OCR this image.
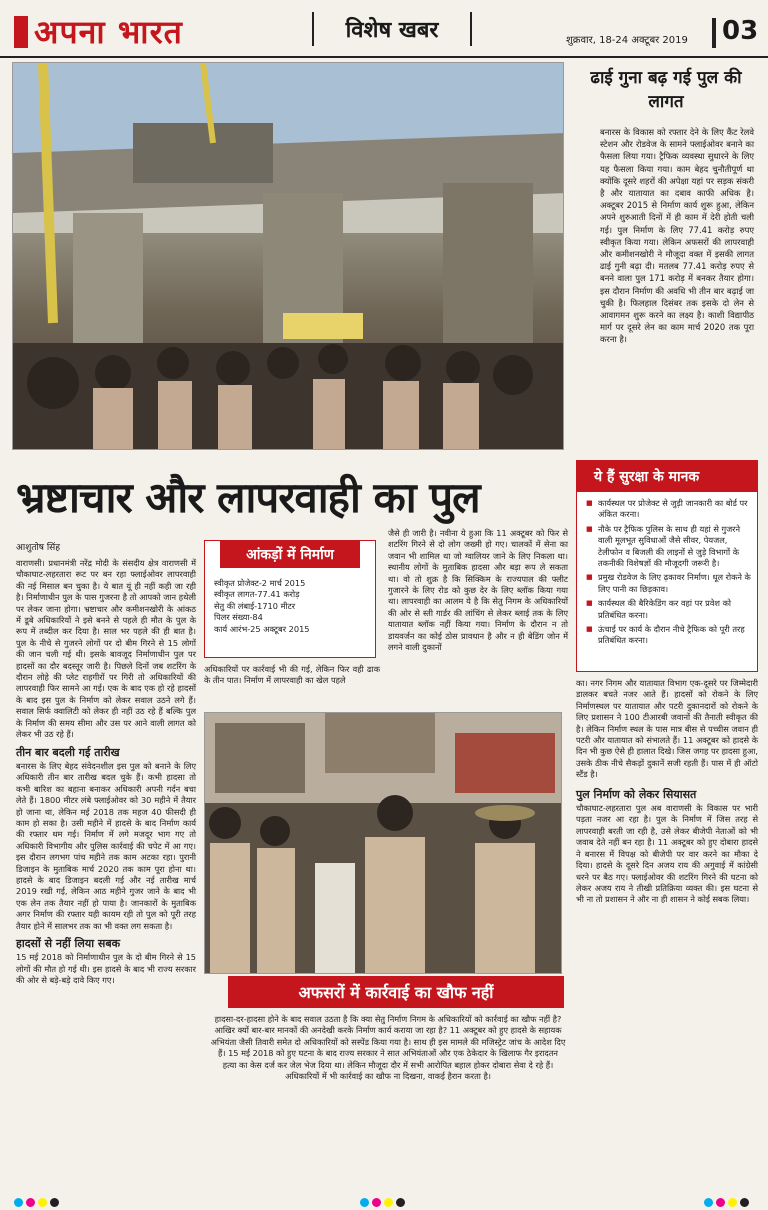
अपना भारत	विशेष खबर	शुक्रवार, 18-24 अक्टूबर 2019 03
ढाई गुना बढ़ गई पुल की लागत
बनारस के विकास को रफ्तार देने के लिए कैंट रेलवे स्टेशन और रोडवेज के सामने फ्लाईओवर बनाने का फैसला लिया गया। ट्रैफिक व्यवस्था सुधारने के लिए यह फैसला किया गया। काम बेहद चुनौतीपूर्ण था क्योंकि दूसरे शहरों की अपेक्षा यहां पर सड़क संकरी है और यातायात का दबाव काफी अधिक है। अक्टूबर 2015 से निर्माण कार्य शुरू हुआ, लेकिन अपने शुरुआती दिनों में ही काम में देरी होती चली गई। पुल निर्माण के लिए 77.41 करोड़ रुपए स्वीकृत किया गया। लेकिन अफसरों की लापरवाही और कमीशनखोरी ने मौजूदा वक्त में इसकी लागत ढाई गुनी बढ़ा दी। मतलब 77.41 करोड़ रुपए से बनने वाला पुल 171 करोड़ में बनकर तैयार होगा। इस दौरान निर्माण की अवधि भी तीन बार बढ़ाई जा चुकी है। फिलहाल दिसंबर तक इसके दो लेन से आवागमन शुरू करने का लक्ष्य है। काशी विद्यापीठ मार्ग पर दूसरे लेन का काम मार्च 2020 तक पूरा करना है।
ये हैं सुरक्षा के मानक
■ कार्यस्थल पर प्रोजेक्ट से जुड़ी जानकारी का बोर्ड पर अंकित करना।
■ नौके पर ट्रैफिक पुलिस के साथ ही यहां से गुजरने वाली मूलभूत सुविधाओं जैसे सीवर, पेयजल, टेलीफोन व बिजली की लाइनों से जुड़े विभागों के तकनीकी विशेषज्ञों की मौजूदगी जरूरी है।
■ प्रमुख रोडवेज के लिए ढ़कावर निर्माण। धूल रोकने के लिए पानी का छिड़काव।
■ कार्यस्थल की बैरिकेडिंग कर वहां पर प्रवेश को प्रतिबंधित करना।
■ ऊंचाई पर कार्य के दौरान नीचे ट्रैफिक को पूरी तरह प्रतिबंधित करना।
भ्रष्टाचार और लापरवाही का पुल
आशुतोष सिंह

वाराणसी। प्रधानमंत्री नरेंद्र मोदी के संसदीय क्षेत्र वाराणसी में चौकाघाट-लहरतारा रूट पर बन रहा फ्लाईओवर लापरवाही की नई मिसाल बन चुका है। ये बात यूं ही नहीं कही जा रही है। निर्माणाधीन पुल के पास गुजरना है तो आपको जान हथेली पर लेकर जाना होगा। भ्रष्टाचार और कमीशनखोरी के आंकठ में डूबे अधिकारियों ने इसे बनने से पहले ही मौत के पुल के रूप में तब्दील कर दिया है। साल भर पहले की ही बात है। पुल के नीचे से गुजरने लोगों पर दो बीम गिरने से 15 लोगों की जान चली गई थी। इसके बावजूद निर्माणाधीन पुल पर हादसों का दौर बदस्तूर जारी है। पिछले दिनों जब शटरिंग के दौरान लोहे की प्लेट राहगीरों पर गिरी तो अधिकारियों की लापरवाही फिर सामने आ गई। एक के बाद एक हो रहे हादसों के बाद इस पुल के निर्माण को लेकर सवाल उठने लगे हैं। सवाल सिर्फ क्वालिटी को लेकर ही नहीं उठ रहे हैं बल्कि पुल के निर्माण की समय सीमा और उस पर आने वाली लागत को लेकर भी उठ रहे हैं।

तीन बार बदली गई तारीख

बनारस के लिए बेहद संवेदनशील इस पुल को बनाने के लिए अधिकारी तीन बार तारीख बदल चुके हैं। कभी हादसा तो कभी बारिश का बहाना बनाकर अधिकारी अपनी गर्दन बचा लेते हैं। 1800 मीटर लंबे फ्लाईओवर को 30 महीने में तैयार हो जाना था, लेकिन मई 2018 तक महज 40 फीसदी ही काम हो सका है। उसी महीने में हादसे के बाद निर्माण कार्य की रफ्तार थम गई। निर्माण में लगे मजदूर भाग गए तो अधिकारी विभागीय और पुलिस कार्रवाई की चपेट में आ गए। इस दौरान लगभग पांच महीने तक काम अटका रहा। पुरानी डिजाइन के मुताबिक मार्च 2020 तक काम पूरा होना था। हादसे के बाद डिजाइन बदली गई और नई तारीख मार्च 2019 रखी गई, लेकिन आठ महीने गुजर जाने के बाद भी एक लेन तक तैयार नहीं हो पाया है। जानकारों के मुताबिक अगर निर्माण की रफ्तार यही कायम रही तो पुल को पूरी तरह तैयार होने में सालभर तक का भी वक्त लग सकता है।

हादसों से नहीं लिया सबक

15 मई 2018 को निर्माणाधीन पुल के दो बीम गिरने से 15 लोगों की मौत हो गई थी। इस हादसे के बाद भी राज्य सरकार की ओर से बड़े-बड़े दावे किए गए।

आंकड़ों में निर्माण
स्वीकृत प्रोजेक्ट-2 मार्च 2015
स्वीकृत लागत-77.41 करोड़
सेतु की लंबाई-1710 मीटर
पिलर संख्या-84
कार्य आरंभ-25 अक्टूबर 2015
अधिकारियों पर कार्रवाई भी की गई, लेकिन फिर वही ढाक के तीन पात। निर्माण में लापरवाही का खेल पहले
जैसे ही जारी है। नवीना ये हुआ कि 11 अक्टूबर को फिर से शटरिंग गिरने से दो लोग जख्मी हो गए। चालकों में सेना का जवान भी शामिल था जो ग्वालियर जाने के लिए निकला था। स्थानीय लोगों के मुताबिक हादसा और बड़ा रूप ले सकता था। वो तो शुक्र है कि सिक्किम के राज्यपाल की फ्लीट गुजारने के लिए रोड को कुछ देर के लिए ब्लॉक किया गया था। लापरवाही का आलम ये है कि सेतु निगम के अधिकारियों की ओर से स्ती गार्डर की लांचिंग से लेकर ब्लाई तक के लिए यातायात ब्लॉक नहीं किया गया। निर्माण के दौरान न तो डायवर्जन का कोई ठोस प्रावधान है और न ही बेडिंग जोन में लगने वाली दुकानों

का। नगर निगम और यातायात विभाग एक-दूसरे पर जिम्मेदारी डालकर बचते नजर आते हैं। हादसों को रोकने के लिए निर्माणस्थल पर यातायात और पटरी दुकानदारों को रोकने के लिए प्रशासन ने 100 टीआरबी जवानों की तैनाती स्वीकृत की है। लेकिन निर्माण स्थल के पास मात्र बीस से पच्चीस जवान ही पटरी और यातायात को संभालते हैं। 11 अक्टूबर को हादसे के दिन भी कुछ ऐसे ही हालात दिखे। जिस जगह पर हादसा हुआ, उसके ठीक नीचे सैकड़ों दुकानें सजी रहती हैं। पास में ही ऑटो स्टैंड है।

पुल निर्माण को लेकर सियासत

चौकाघाट-लहरतारा पुल अब वाराणसी के विकास पर भारी पड़ता नजर आ रहा है। पुल के निर्माण में जिस तरह से लापरवाही बरती जा रही है, उसे लेकर बीजेपी नेताओं को भी जवाब देते नहीं बन रहा है। 11 अक्टूबर को हुए दोबारा हादसे ने बनारस में विपक्ष को बीजेपी पर वार करने का मौका दे दिया। हादसे के दूसरे दिन अजय राय की अगुवाई में कांग्रेसी धरने पर बैठ गए। फ्लाईओवर की शटरिंग गिरने की घटना को लेकर अजय राय ने तीखी प्रतिक्रिया व्यक्त की। इस घटना से भी ना तो प्रशासन ने और ना ही शासन ने कोई सबक लिया।

अफसरों में कार्रवाई का खौफ नहीं
हादसा-दर-हादसा होने के बाद सवाल उठता है कि क्या सेतु निर्माण निगम के अधिकारियों को कार्रवाई का खौफ नहीं है? आखिर क्यों बार-बार मानकों की अनदेखी करके निर्माण कार्य कराया जा रहा है? 11 अक्टूबर को हुए हादसे के सहायक अभियंता जैसी तिवारी समेत दो अधिकारियों को सस्पेंड किया गया है। साथ ही इस मामले की मजिस्ट्रेट जांच के आदेश दिए हैं। 15 मई 2018 को हुए घटना के बाद राज्य सरकार ने सात अभियंताओं और एक ठेकेदार के खिलाफ गैर इरादतन हत्या का केस दर्ज कर जेल भेज दिया था। लेकिन मौजूदा दौर में सभी आरोपित बहाल होकर दोबारा सेवा दे रहे हैं। अधिकारियों में भी कार्रवाई का खौफ ना दिखना, वाकई हैरान करता है।
